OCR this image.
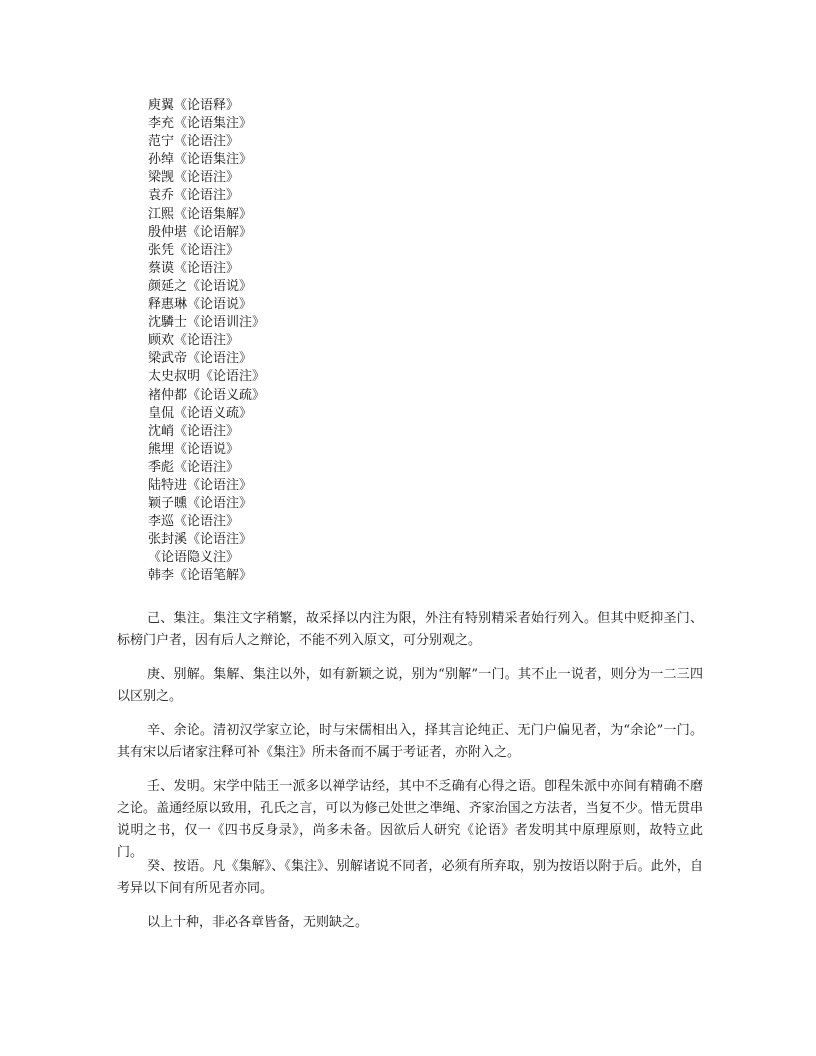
庾翼《论语释》
李充《论语集注》
范宁《论语注》
孙绰《论语集注》
梁觊《论语注》
袁乔《论语注》
江熙《论语集解》
殷仲堪《论语解》
张凭《论语注》
蔡谟《论语注》
颜延之《论语说》
释惠琳《论语说》
沈驎士《论语训注》
顾欢《论语注》
梁武帝《论语注》
太史叔明《论语注》
褚仲都《论语义疏》
皇侃《论语义疏》
沈峭《论语注》
熊埋《论语说》
季彪《论语注》
陆特进《论语注》
颖子矄《论语注》
李巡《论语注》
张封溪《论语注》
《论语隐义注》
韩李《论语笔解》

己、集注。集注文字稍繁，故采择以内注为限，外注有特别精采者始行列入。但其中贬抑圣门、标榜门户者，因有后人之辩论，不能不列入原文，可分别观之。

庚、别解。集解、集注以外，如有新颖之说，别为“别解”一门。其不止一说者，则分为一二三四以区别之。

辛、余论。清初汉学家立论，时与宋儒相出入，择其言论纯正、无门户偏见者，为“余论”一门。其有宋以后诸家注释可补《集注》所未备而不属于考证者，亦附入之。

壬、发明。宋学中陆王一派多以禅学诂经，其中不乏确有心得之语。卽程朱派中亦间有精确不磨之论。盖通经原以致用，孔氏之言，可以为修己处世之凖绳、齐家治国之方法者，当复不少。惜无贯串说明之书，仅一《四书反身录》，尚多未备。因欲后人研究《论语》者发明其中原理原则，故特立此门。

癸、按语。凡《集解》、《集注》、别解诸说不同者，必须有所弃取，别为按语以附于后。此外，自考异以下间有所见者亦同。

以上十种，非必各章皆备，无则缺之。
